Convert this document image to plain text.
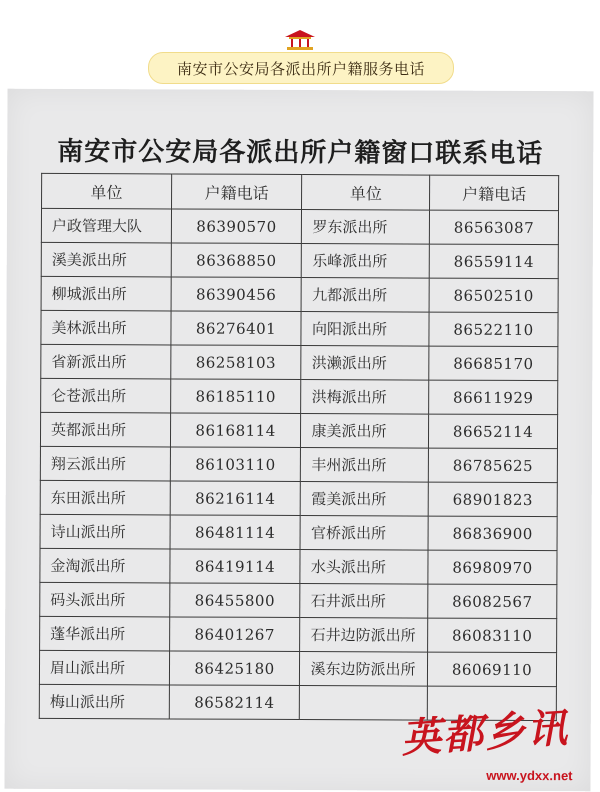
南安市公安局各派出所户籍服务电话
南安市公安局各派出所户籍窗口联系电话
单位	户籍电话	单位	户籍电话
户政管理大队	86390570	罗东派出所	86563087
溪美派出所	86368850	乐峰派出所	86559114
柳城派出所	86390456	九都派出所	86502510
美林派出所	86276401	向阳派出所	86522110
省新派出所	86258103	洪濑派出所	86685170
仑苍派出所	86185110	洪梅派出所	86611929
英都派出所	86168114	康美派出所	86652114
翔云派出所	86103110	丰州派出所	86785625
东田派出所	86216114	霞美派出所	68901823
诗山派出所	86481114	官桥派出所	86836900
金淘派出所	86419114	水头派出所	86980970
码头派出所	86455800	石井派出所	86082567
蓬华派出所	86401267	石井边防派出所	86083110
眉山派出所	86425180	溪东边防派出所	86069110
梅山派出所	86582114		
英都乡讯
www.ydxx.net
